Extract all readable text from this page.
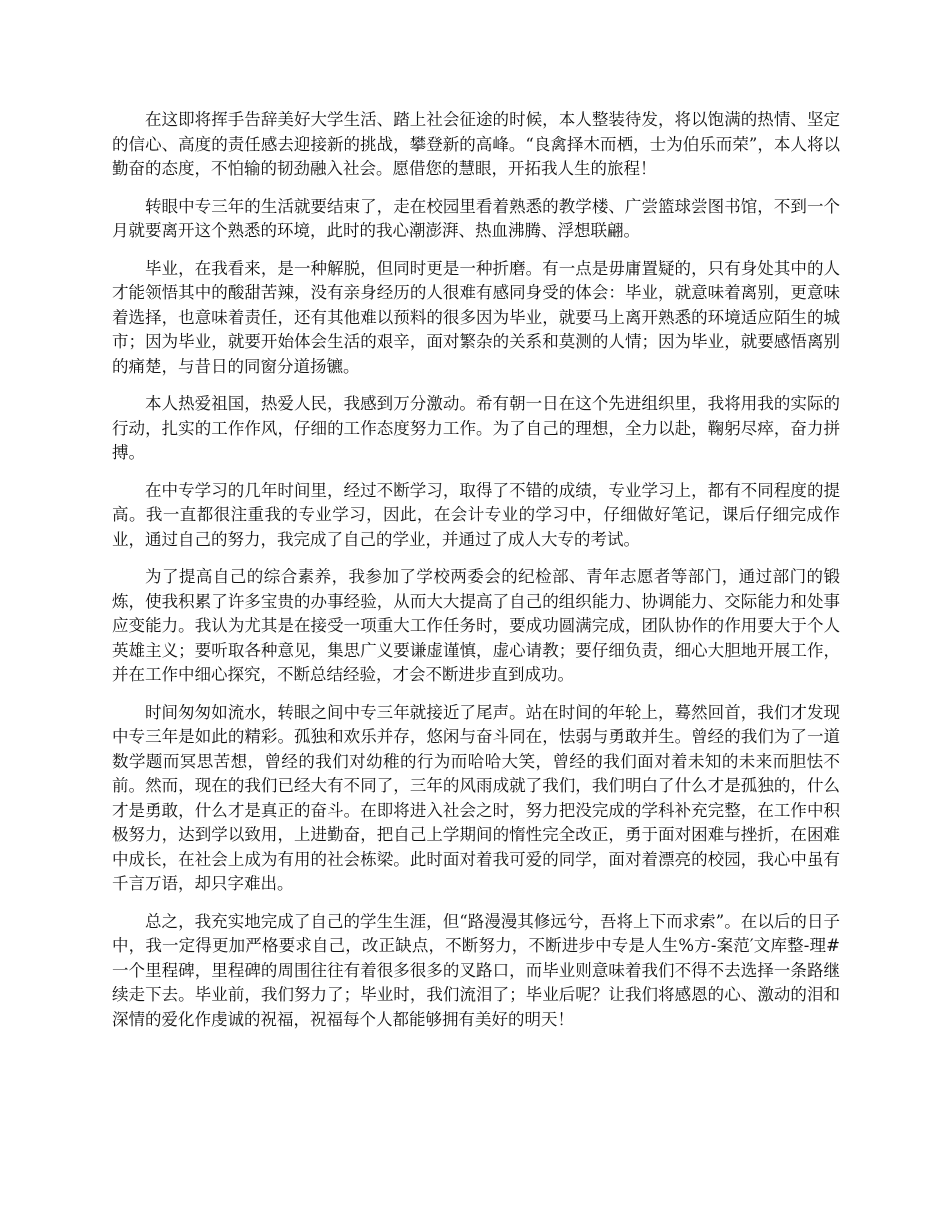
在这即将挥手告辞美好大学生活、踏上社会征途的时候，本人整装待发，将以饱满的热情、坚定的信心、高度的责任感去迎接新的挑战，攀登新的高峰。“良禽择木而栖，士为伯乐而荣”，本人将以勤奋的态度，不怕输的韧劲融入社会。愿借您的慧眼，开拓我人生的旅程！

转眼中专三年的生活就要结束了，走在校园里看着熟悉的教学楼、广尝篮球尝图书馆，不到一个月就要离开这个熟悉的环境，此时的我心潮澎湃、热血沸腾、浮想联翩。

毕业，在我看来，是一种解脱，但同时更是一种折磨。有一点是毋庸置疑的，只有身处其中的人才能领悟其中的酸甜苦辣，没有亲身经历的人很难有感同身受的体会：毕业，就意味着离别，更意味着选择，也意味着责任，还有其他难以预料的很多因为毕业，就要马上离开熟悉的环境适应陌生的城市；因为毕业，就要开始体会生活的艰辛，面对繁杂的关系和莫测的人情；因为毕业，就要感悟离别的痛楚，与昔日的同窗分道扬镳。

本人热爱祖国，热爱人民，我感到万分激动。希有朝一日在这个先进组织里，我将用我的实际的行动，扎实的工作作风，仔细的工作态度努力工作。为了自己的理想，全力以赴，鞠躬尽瘁，奋力拼搏。

在中专学习的几年时间里，经过不断学习，取得了不错的成绩，专业学习上，都有不同程度的提高。我一直都很注重我的专业学习，因此，在会计专业的学习中，仔细做好笔记，课后仔细完成作业，通过自己的努力，我完成了自己的学业，并通过了成人大专的考试。

为了提高自己的综合素养，我参加了学校两委会的纪检部、青年志愿者等部门，通过部门的锻炼，使我积累了许多宝贵的办事经验，从而大大提高了自己的组织能力、协调能力、交际能力和处事应变能力。我认为尤其是在接受一项重大工作任务时，要成功圆满完成，团队协作的作用要大于个人英雄主义；要听取各种意见，集思广义要谦虚谨慎，虚心请教；要仔细负责，细心大胆地开展工作，并在工作中细心探究，不断总结经验，才会不断进步直到成功。

时间匆匆如流水，转眼之间中专三年就接近了尾声。站在时间的年轮上，蓦然回首，我们才发现中专三年是如此的精彩。孤独和欢乐并存，悠闲与奋斗同在，怯弱与勇敢并生。曾经的我们为了一道数学题而冥思苦想，曾经的我们对幼稚的行为而哈哈大笑，曾经的我们面对着未知的未来而胆怯不前。然而，现在的我们已经大有不同了，三年的风雨成就了我们，我们明白了什么才是孤独的，什么才是勇敢，什么才是真正的奋斗。在即将进入社会之时，努力把没完成的学科补充完整，在工作中积极努力，达到学以致用，上进勤奋，把自己上学期间的惰性完全改正，勇于面对困难与挫折，在困难中成长，在社会上成为有用的社会栋梁。此时面对着我可爱的同学，面对着漂亮的校园，我心中虽有千言万语，却只字难出。

总之，我充实地完成了自己的学生生涯，但“路漫漫其修远兮，吾将上下而求索”。在以后的日子中，我一定得更加严格要求自己，改正缺点，不断努力，不断进步中专是人生%方-案范′文库整-理#一个里程碑，里程碑的周围往往有着很多很多的叉路口，而毕业则意味着我们不得不去选择一条路继续走下去。毕业前，我们努力了；毕业时，我们流泪了；毕业后呢？让我们将感恩的心、激动的泪和深情的爱化作虔诚的祝福，祝福每个人都能够拥有美好的明天！
